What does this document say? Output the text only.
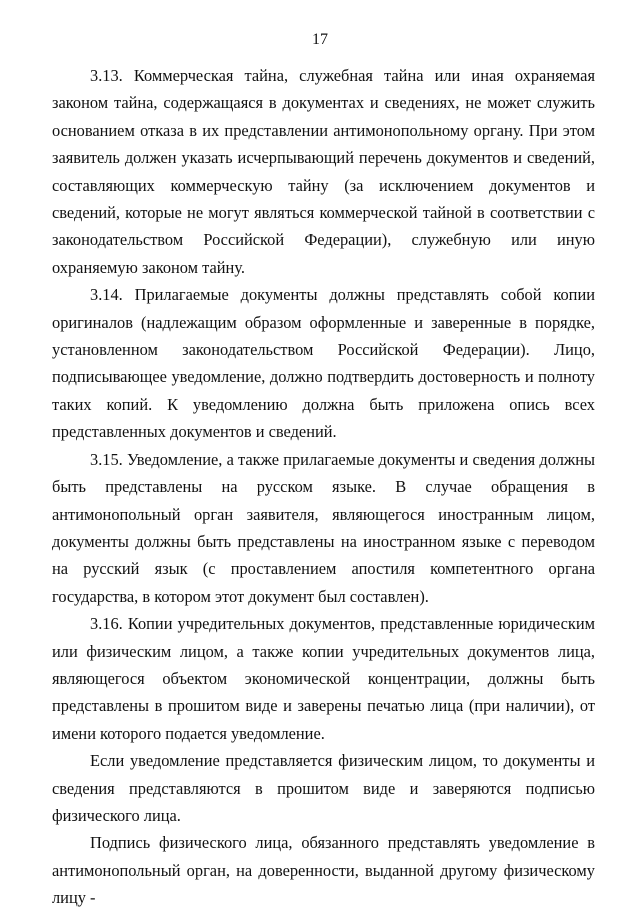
17

3.13. Коммерческая тайна, служебная тайна или иная охраняемая законом тайна, содержащаяся в документах и сведениях, не может служить основанием отказа в их представлении антимонопольному органу. При этом заявитель должен указать исчерпывающий перечень документов и сведений, составляющих коммерческую тайну (за исключением документов и сведений, которые не могут являться коммерческой тайной в соответствии с законодательством Российской Федерации), служебную или иную охраняемую законом тайну.

3.14. Прилагаемые документы должны представлять собой копии оригиналов (надлежащим образом оформленные и заверенные в порядке, установленном законодательством Российской Федерации). Лицо, подписывающее уведомление, должно подтвердить достоверность и полноту таких копий. К уведомлению должна быть приложена опись всех представленных документов и сведений.

3.15. Уведомление, а также прилагаемые документы и сведения должны быть представлены на русском языке. В случае обращения в антимонопольный орган заявителя, являющегося иностранным лицом, документы должны быть представлены на иностранном языке с переводом на русский язык (с проставлением апостиля компетентного органа государства, в котором этот документ был составлен).

3.16. Копии учредительных документов, представленные юридическим или физическим лицом, а также копии учредительных документов лица, являющегося объектом экономической концентрации, должны быть представлены в прошитом виде и заверены печатью лица (при наличии), от имени которого подается уведомление.

Если уведомление представляется физическим лицом, то документы и сведения представляются в прошитом виде и заверяются подписью физического лица.

Подпись физического лица, обязанного представлять уведомление в антимонопольный орган, на доверенности, выданной другому физическому лицу -
